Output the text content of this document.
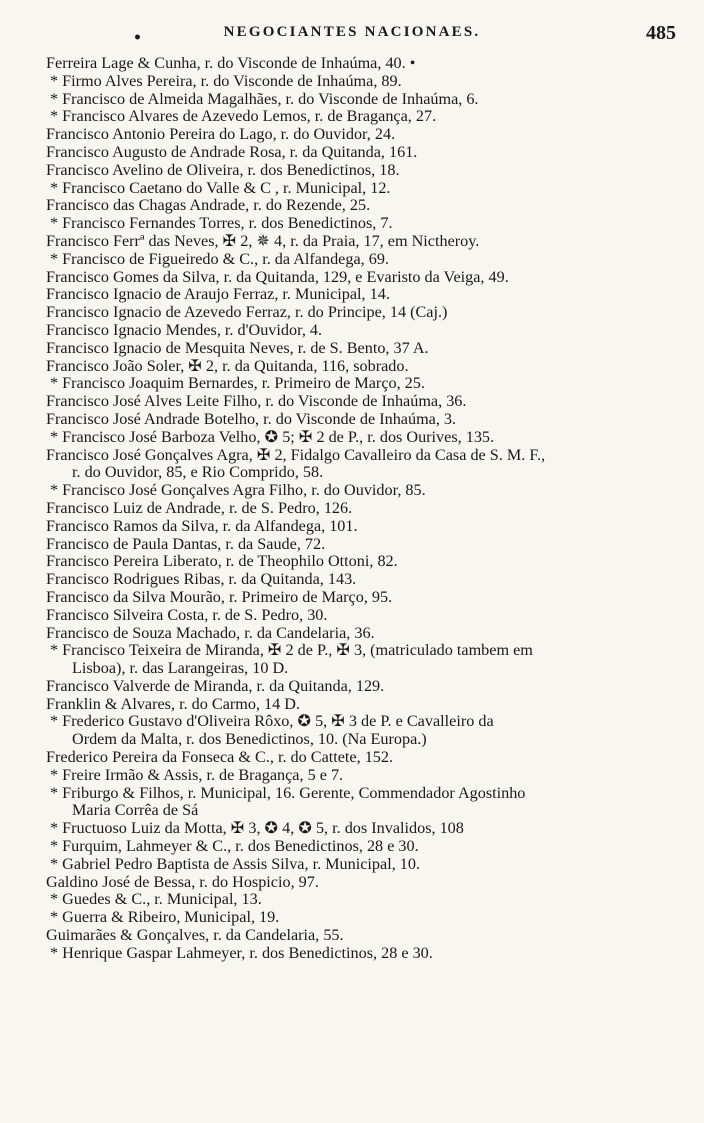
•	NEGOCIANTES NACIONAES.	485
Ferreira Lage & Cunha, r. do Visconde de Inhaúma, 40. •
* Firmo Alves Pereira, r. do Visconde de Inhaúma, 89.
* Francisco de Almeida Magalhães, r. do Visconde de Inhaúma, 6.
* Francisco Alvares de Azevedo Lemos, r. de Bragança, 27.
Francisco Antonio Pereira do Lago, r. do Ouvidor, 24.
Francisco Augusto de Andrade Rosa, r. da Quitanda, 161.
Francisco Avelino de Oliveira, r. dos Benedictinos, 18.
* Francisco Caetano do Valle & C , r. Municipal, 12.
Francisco das Chagas Andrade, r. do Rezende, 25.
* Francisco Fernandes Torres, r. dos Benedictinos, 7.
Francisco Ferrª das Neves, ✠ 2, ✵ 4, r. da Praia, 17, em Nictheroy.
* Francisco de Figueiredo & C., r. da Alfandega, 69.
Francisco Gomes da Silva, r. da Quitanda, 129, e Evaristo da Veiga, 49.
Francisco Ignacio de Araujo Ferraz, r. Municipal, 14.
Francisco Ignacio de Azevedo Ferraz, r. do Principe, 14 (Caj.)
Francisco Ignacio Mendes, r. d'Ouvidor, 4.
Francisco Ignacio de Mesquita Neves, r. de S. Bento, 37 A.
Francisco João Soler, ✠ 2, r. da Quitanda, 116, sobrado.
* Francisco Joaquim Bernardes, r. Primeiro de Março, 25.
Francisco José Alves Leite Filho, r. do Visconde de Inhaúma, 36.
Francisco José Andrade Botelho, r. do Visconde de Inhaúma, 3.
* Francisco José Barboza Velho, ✪ 5; ✠ 2 de P., r. dos Ourives, 135.
Francisco José Gonçalves Agra, ✠ 2, Fidalgo Cavalleiro da Casa de S. M. F.,
r. do Ouvidor, 85, e Rio Comprido, 58.
* Francisco José Gonçalves Agra Filho, r. do Ouvidor, 85.
Francisco Luiz de Andrade, r. de S. Pedro, 126.
Francisco Ramos da Silva, r. da Alfandega, 101.
Francisco de Paula Dantas, r. da Saude, 72.
Francisco Pereira Liberato, r. de Theophilo Ottoni, 82.
Francisco Rodrigues Ribas, r. da Quitanda, 143.
Francisco da Silva Mourão, r. Primeiro de Março, 95.
Francisco Silveira Costa, r. de S. Pedro, 30.
Francisco de Souza Machado, r. da Candelaria, 36.
* Francisco Teixeira de Miranda, ✠ 2 de P., ✠ 3, (matriculado tambem em
Lisboa), r. das Larangeiras, 10 D.
Francisco Valverde de Miranda, r. da Quitanda, 129.
Franklin & Alvares, r. do Carmo, 14 D.
* Frederico Gustavo d'Oliveira Rôxo, ✪ 5, ✠ 3 de P. e Cavalleiro da
Ordem da Malta, r. dos Benedictinos, 10. (Na Europa.)
Frederico Pereira da Fonseca & C., r. do Cattete, 152.
* Freire Irmão & Assis, r. de Bragança, 5 e 7.
* Friburgo & Filhos, r. Municipal, 16. Gerente, Commendador Agostinho
Maria Corrêa de Sá
* Fructuoso Luiz da Motta, ✠ 3, ✪ 4, ✪ 5, r. dos Invalidos, 108
* Furquim, Lahmeyer & C., r. dos Benedictinos, 28 e 30.
* Gabriel Pedro Baptista de Assis Silva, r. Municipal, 10.
Galdino José de Bessa, r. do Hospicio, 97.
* Guedes & C., r. Municipal, 13.
* Guerra & Ribeiro, Municipal, 19.
Guimarães & Gonçalves, r. da Candelaria, 55.
* Henrique Gaspar Lahmeyer, r. dos Benedictinos, 28 e 30.
